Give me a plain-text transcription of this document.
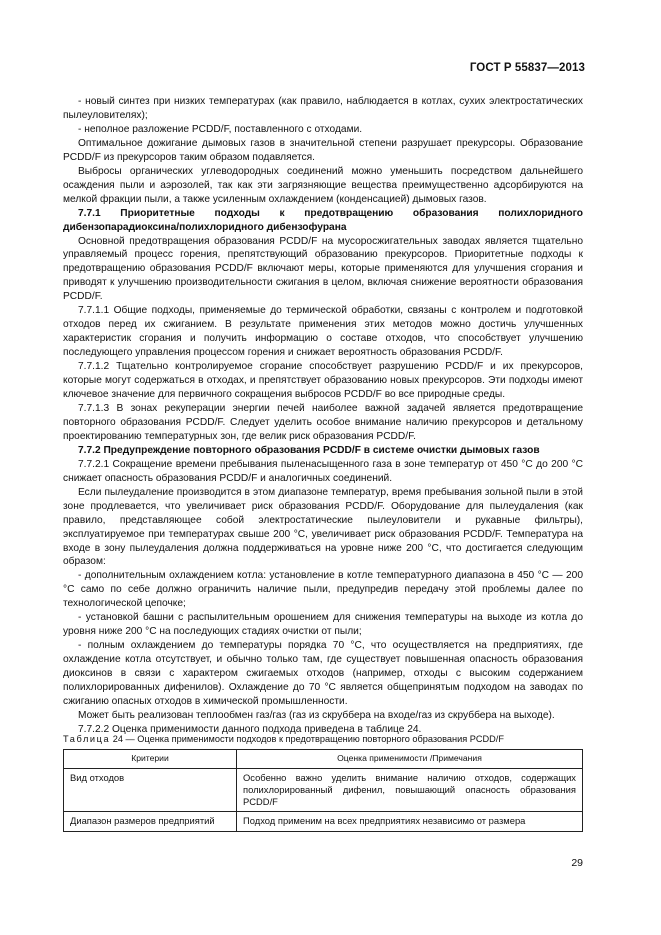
ГОСТ Р 55837—2013

- новый синтез при низких температурах (как правило, наблюдается в котлах, сухих электростатических пылеуловителях);

- неполное разложение PCDD/F, поставленного с отходами.

Оптимальное дожигание дымовых газов в значительной степени разрушает прекурсоры. Образование PCDD/F из прекурсоров таким образом подавляется.

Выбросы органических углеводородных соединений можно уменьшить посредством дальнейшего осаждения пыли и аэрозолей, так как эти загрязняющие вещества преимущественно адсорбируются на мелкой фракции пыли, а также усиленным охлаждением (конденсацией) дымовых газов.

7.7.1 Приоритетные подходы к предотвращению образования полихлоридного дибензопарадиоксина/полихлоридного дибензофурана

Основной предотвращения образования PCDD/F на мусоросжигательных заводах является тщательно управляемый процесс горения, препятствующий образованию прекурсоров. Приоритетные подходы к предотвращению образования PCDD/F включают меры, которые применяются для улучшения сгорания и приводят к улучшению производительности сжигания в целом, включая снижение вероятности образования PCDD/F.

7.7.1.1 Общие подходы, применяемые до термической обработки, связаны с контролем и подготовкой отходов перед их сжиганием. В результате применения этих методов можно достичь улучшенных характеристик сгорания и получить информацию о составе отходов, что способствует улучшению последующего управления процессом горения и снижает вероятность образования PCDD/F.

7.7.1.2 Тщательно контролируемое сгорание способствует разрушению PCDD/F и их прекурсоров, которые могут содержаться в отходах, и препятствует образованию новых прекурсоров. Эти подходы имеют ключевое значение для первичного сокращения выбросов PCDD/F во все природные среды.

7.7.1.3 В зонах рекуперации энергии печей наиболее важной задачей является предотвращение повторного образования PCDD/F. Следует уделить особое внимание наличию прекурсоров и детальному проектированию температурных зон, где велик риск образования PCDD/F.

7.7.2 Предупреждение повторного образования PCDD/F в системе очистки дымовых газов

7.7.2.1 Сокращение времени пребывания пыленасыщенного газа в зоне температур от 450 °С до 200 °С снижает опасность образования PCDD/F и аналогичных соединений.

Если пылеудаление производится в этом диапазоне температур, время пребывания зольной пыли в этой зоне продлевается, что увеличивает риск образования PCDD/F. Оборудование для пылеудаления (как правило, представляющее собой электростатические пылеуловители и рукавные фильтры), эксплуатируемое при температурах свыше 200 °С, увеличивает риск образования PCDD/F. Температура на входе в зону пылеудаления должна поддерживаться на уровне ниже 200 °С, что достигается следующим образом:

- дополнительным охлаждением котла: установление в котле температурного диапазона в 450 °С — 200 °С само по себе должно ограничить наличие пыли, предупредив передачу этой проблемы далее по технологической цепочке;

- установкой башни с распылительным орошением для снижения температуры на выходе из котла до уровня ниже 200 °С на последующих стадиях очистки от пыли;

- полным охлаждением до температуры порядка 70 °С, что осуществляется на предприятиях, где охлаждение котла отсутствует, и обычно только там, где существует повышенная опасность образования диоксинов в связи с характером сжигаемых отходов (например, отходы с высоким содержанием полихлорированных дифенилов). Охлаждение до 70 °С является общепринятым подходом на заводах по сжиганию опасных отходов в химической промышленности.

Может быть реализован теплообмен газ/газ (газ из скруббера на входе/газ из скруббера на выходе).

7.7.2.2 Оценка применимости данного подхода приведена в таблице 24.

Таблица 24 — Оценка применимости подходов к предотвращению повторного образования PCDD/F
Критерии	Оценка применимости /Примечания
Вид отходов	Особенно важно уделить внимание наличию отходов, содержащих полихлорированный дифенил, повышающий опасность образования PCDD/F
Диапазон размеров предприятий	Подход применим на всех предприятиях независимо от размера
29
